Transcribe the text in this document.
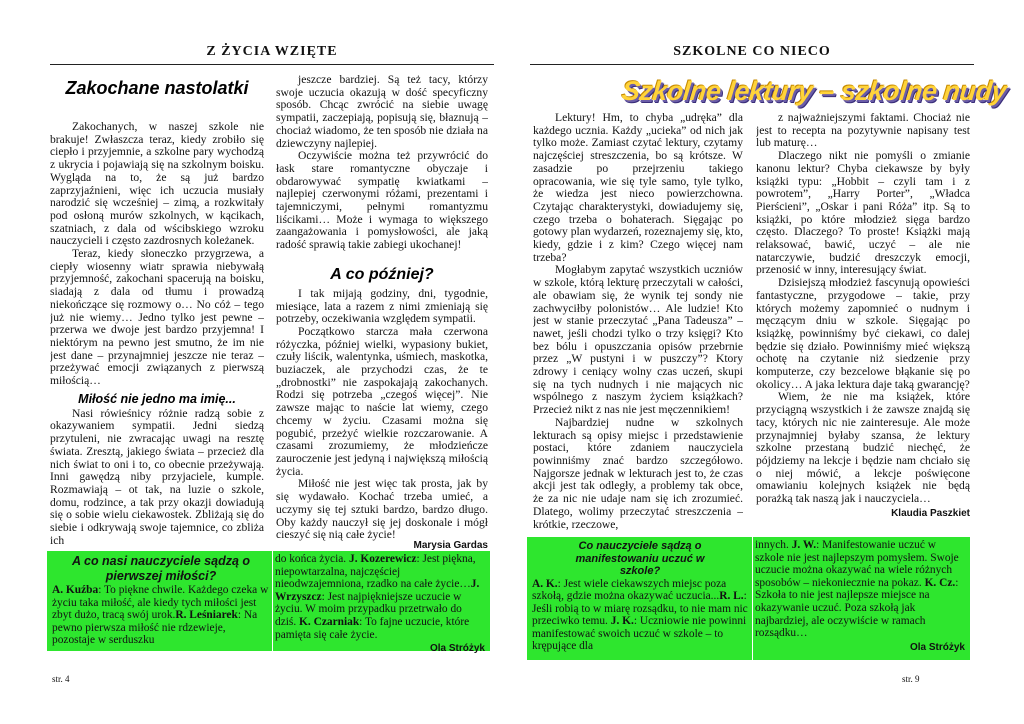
Z ŻYCIA WZIĘTE
Zakochane nastolatki

Zakochanych, w naszej szkole nie brakuje! Zwłaszcza teraz, kiedy zrobiło się ciepło i przyjemnie, a szkolne pary wychodzą z ukrycia i pojawiają się na szkolnym boisku. Wygląda na to, że są już bardzo zaprzyjaźnieni, więc ich uczucia musiały narodzić się wcześniej – zimą, a rozkwitały pod osłoną murów szkolnych, w kącikach, szatniach, z dala od wścibskiego wzroku nauczycieli i często zazdrosnych koleżanek.

Teraz, kiedy słoneczko przygrzewa, a ciepły wiosenny wiatr sprawia niebywałą przyjemność, zakochani spacerują na boisku, siadają z dala od tłumu i prowadzą niekończące się rozmowy o… No cóż – tego już nie wiemy… Jedno tylko jest pewne – przerwa we dwoje jest bardzo przyjemna! I niektórym na pewno jest smutno, że im nie jest dane – przynajmniej jeszcze nie teraz – przeżywać emocji związanych z pierwszą miłością…

Miłość nie jedno ma imię...

Nasi rówieśnicy różnie radzą sobie z okazywaniem sympatii. Jedni siedzą przytuleni, nie zwracając uwagi na resztę świata. Zresztą, jakiego świata – przecież dla nich świat to oni i to, co obecnie przeżywają. Inni gawędzą niby przyjaciele, kumple. Rozmawiają – ot tak, na luzie o szkole, domu, rodzince, a tak przy okazji dowiadują się o sobie wielu ciekawostek. Zbliżają się do siebie i odkrywają swoje tajemnice, co zbliża ich

jeszcze bardziej. Są też tacy, którzy swoje uczucia okazują w dość specyficzny sposób. Chcąc zwrócić na siebie uwagę sympatii, zaczepiają, popisują się, błaznują – chociaż wiadomo, że ten sposób nie działa na dziewczyny najlepiej.

Oczywiście można też przywrócić do łask stare romantyczne obyczaje i obdarowywać sympatię kwiatkami – najlepiej czerwonymi różami, prezentami i tajemniczymi, pełnymi romantyzmu liścikami… Może i wymaga to większego zaangażowania i pomysłowości, ale jaką radość sprawią takie zabiegi ukochanej!

A co później?

I tak mijają godziny, dni, tygodnie, miesiące, lata a razem z nimi zmieniają się potrzeby, oczekiwania względem sympatii.

Początkowo starcza mała czerwona różyczka, później wielki, wypasiony bukiet, czuły liścik, walentynka, uśmiech, maskotka, buziaczek, ale przychodzi czas, że te „drobnostki” nie zaspokajają zakochanych. Rodzi się potrzeba „czegoś więcej”. Nie zawsze mając to naście lat wiemy, czego chcemy w życiu. Czasami można się pogubić, przeżyć wielkie rozczarowanie. A czasami zrozumiemy, że młodzieńcze zauroczenie jest jedyną i największą miłością życia.

Miłość nie jest więc tak prosta, jak by się wydawało. Kochać trzeba umieć, a uczymy się tej sztuki bardzo, bardzo długo. Oby każdy nauczył się jej doskonale i mógł cieszyć się nią całe życie!

Marysia Gardas
A co nasi nauczyciele sądzą o pierwszej miłości?

A. Kuźba: To piękne chwile. Każdego czeka w życiu taka miłość, ale kiedy tych miłości jest zbyt dużo, tracą swój urok.R. Leśniarek: Na pewno pierwsza miłość nie rdzewieje, pozostaje w serduszku

do końca życia. J. Kozerewicz: Jest piękna, niepowtarzalna, najczęściej nieodwzajemniona, rzadko na całe życie…J. Wrzyszcz: Jest najpiękniejsze uczucie w życiu. W moim przypadku przetrwało do dziś. K. Czarniak: To fajne uczucie, które pamięta się całe życie.

Ola Stróżyk
str. 4
SZKOLNE CO NIECO
Szkolne lektury – szkolne nudy

Lektury! Hm, to chyba „udręka” dla każdego ucznia. Każdy „ucieka” od nich jak tylko może. Zamiast czytać lektury, czytamy najczęściej streszczenia, bo są krótsze. W zasadzie po przejrzeniu takiego opracowania, wie się tyle samo, tyle tylko, że wiedza jest nieco powierzchowna. Czytając charakterystyki, dowiadujemy się, czego trzeba o bohaterach. Sięgając po gotowy plan wydarzeń, rozeznajemy się, kto, kiedy, gdzie i z kim? Czego więcej nam trzeba?

Mogłabym zapytać wszystkich uczniów w szkole, którą lekturę przeczytali w całości, ale obawiam się, że wynik tej sondy nie zachwyciłby polonistów… Ale ludzie! Kto jest w stanie przeczytać „Pana Tadeusza” – nawet, jeśli chodzi tylko o trzy księgi? Kto bez bólu i opuszczania opisów przebrnie przez „W pustyni i w puszczy”? Ktory zdrowy i ceniący wolny czas uczeń, skupi się na tych nudnych i nie mających nic wspólnego z naszym życiem książkach? Przecież nikt z nas nie jest męczennikiem!

Najbardziej nudne w szkolnych lekturach są opisy miejsc i przedstawienie postaci, które zdaniem nauczyciela powinniśmy znać bardzo szczegółowo. Najgorsze jednak w lekturach jest to, że czas akcji jest tak odległy, a problemy tak obce, że za nic nie udaje nam się ich zrozumieć. Dlatego, wolimy przeczytać streszczenia – krótkie, rzeczowe,

z najważniejszymi faktami. Chociaż nie jest to recepta na pozytywnie napisany test lub maturę…

Dlaczego nikt nie pomyśli o zmianie kanonu lektur? Chyba ciekawsze by były książki typu: „Hobbit – czyli tam i z powrotem”, „Harry Porter”, „Władca Pierścieni”, „Oskar i pani Róża” itp. Są to książki, po które młodzież sięga bardzo często. Dlaczego? To proste! Książki mają relaksować, bawić, uczyć – ale nie natarczywie, budzić dreszczyk emocji, przenosić w inny, interesujący świat.

Dzisiejszą młodzież fascynują opowieści fantastyczne, przygodowe – takie, przy których możemy zapomnieć o nudnym i męczącym dniu w szkole. Sięgając po książkę, powinniśmy być ciekawi, co dalej będzie się działo. Powinniśmy mieć większą ochotę na czytanie niż siedzenie przy komputerze, czy bezcelowe błąkanie się po okolicy… A jaka lektura daje taką gwarancję?

Wiem, że nie ma książek, które przyciągną wszystkich i że zawsze znajdą się tacy, których nic nie zainteresuje. Ale może przynajmniej byłaby szansa, że lektury szkolne przestaną budzić niechęć, że pójdziemy na lekcje i będzie nam chciało się o niej mówić, a lekcje poświęcone omawianiu kolejnych książek nie będą porażką tak naszą jak i nauczyciela…

Klaudia Paszkiet
Co nauczyciele sądzą o manifestowaniu uczuć w szkole?

A. K.: Jest wiele ciekawszych miejsc poza szkołą, gdzie można okazywać uczucia...R. L.: Jeśli robią to w miarę rozsądku, to nie mam nic przeciwko temu. J. K.: Uczniowie nie powinni manifestować swoich uczuć w szkole – to krępujące dla

innych. J. W.: Manifestowanie uczuć w szkole nie jest najlepszym pomysłem. Swoje uczucie można okazywać na wiele różnych sposobów – niekoniecznie na pokaz. K. Cz.: Szkoła to nie jest najlepsze miejsce na okazywanie uczuć. Poza szkołą jak najbardziej, ale oczywiście w ramach rozsądku…

Ola Stróżyk
str. 9
